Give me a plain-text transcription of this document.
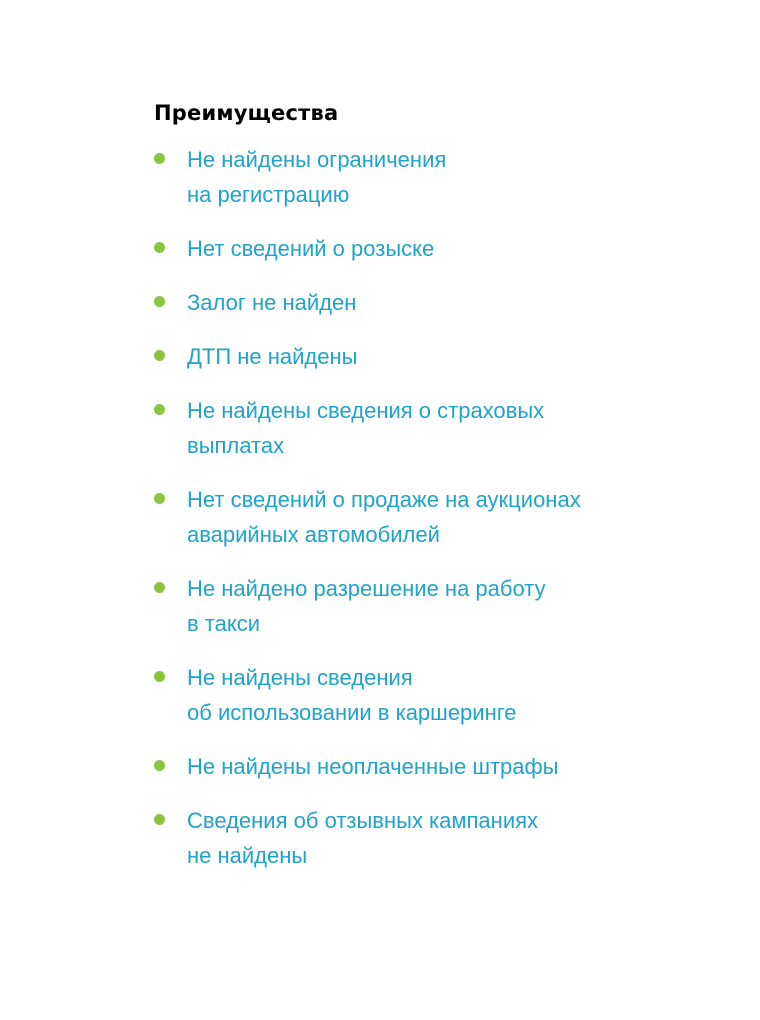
Преимущества
Не найдены ограничения
на регистрацию
Нет сведений о розыске
Залог не найден
ДТП не найдены
Не найдены сведения о страховых
выплатах
Нет сведений о продаже на аукционах
аварийных автомобилей
Не найдено разрешение на работу
в такси
Не найдены сведения
об использовании в каршеринге
Не найдены неоплаченные штрафы
Сведения об отзывных кампаниях
не найдены
